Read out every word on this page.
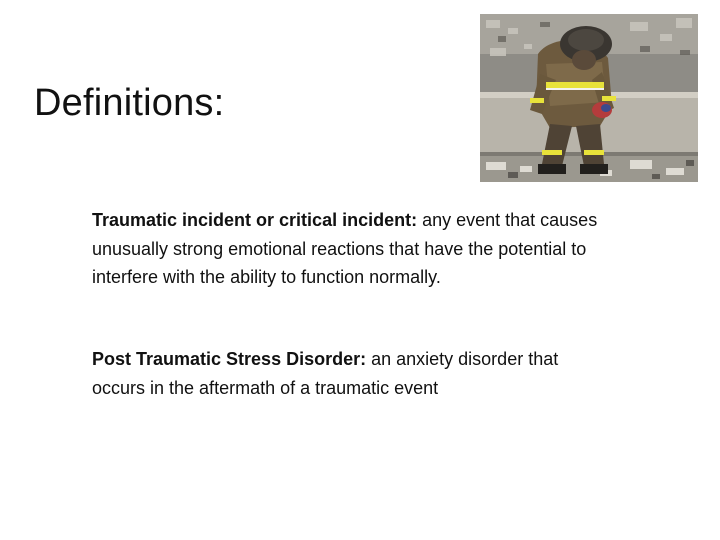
Definitions:
Traumatic incident or critical incident: any event that causes unusually strong emotional reactions that have the potential to interfere with the ability to function normally.
Post Traumatic Stress Disorder: an anxiety disorder that occurs in the aftermath of a traumatic event
